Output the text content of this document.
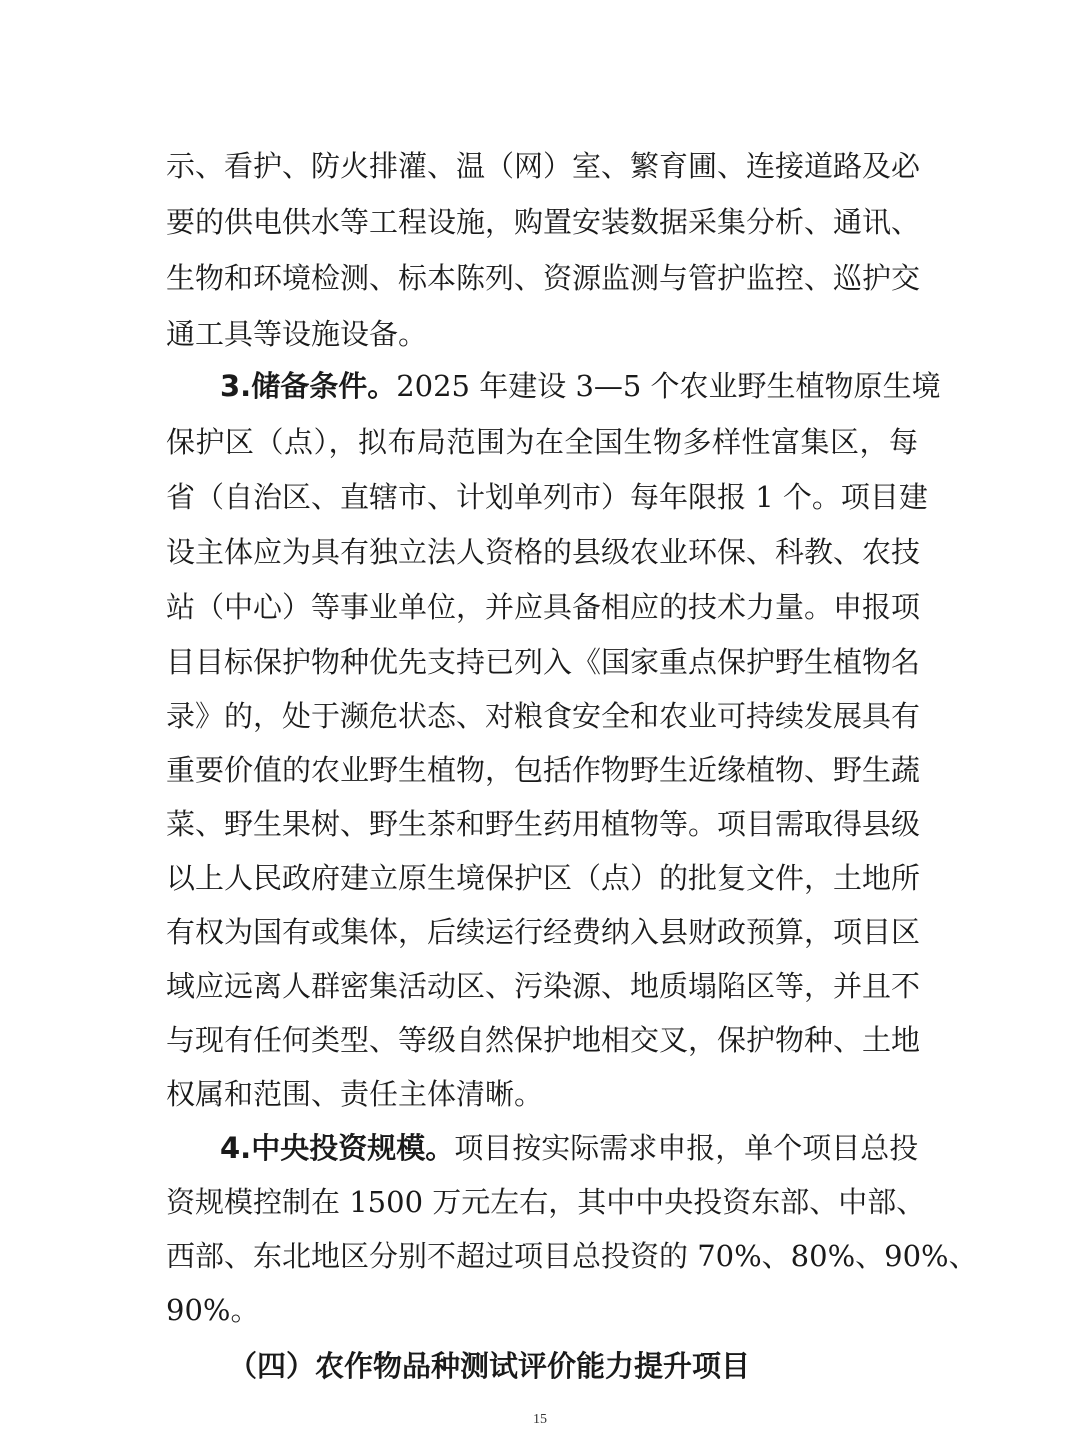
示、看护、防火排灌、温（网）室、繁育圃、连接道路及必
要的供电供水等工程设施，购置安装数据采集分析、通讯、
生物和环境检测、标本陈列、资源监测与管护监控、巡护交
通工具等设施设备。
3.储备条件。2025 年建设 3—5 个农业野生植物原生境
保护区（点），拟布局范围为在全国生物多样性富集区，每
省（自治区、直辖市、计划单列市）每年限报 1 个。项目建
设主体应为具有独立法人资格的县级农业环保、科教、农技
站（中心）等事业单位，并应具备相应的技术力量。申报项
目目标保护物种优先支持已列入《国家重点保护野生植物名
录》的，处于濒危状态、对粮食安全和农业可持续发展具有
重要价值的农业野生植物，包括作物野生近缘植物、野生蔬
菜、野生果树、野生茶和野生药用植物等。项目需取得县级
以上人民政府建立原生境保护区（点）的批复文件，土地所
有权为国有或集体，后续运行经费纳入县财政预算，项目区
域应远离人群密集活动区、污染源、地质塌陷区等，并且不
与现有任何类型、等级自然保护地相交叉，保护物种、土地
权属和范围、责任主体清晰。
4.中央投资规模。项目按实际需求申报，单个项目总投
资规模控制在 1500 万元左右，其中中央投资东部、中部、
西部、东北地区分别不超过项目总投资的 70%、80%、90%、
90%。
（四）农作物品种测试评价能力提升项目
15
